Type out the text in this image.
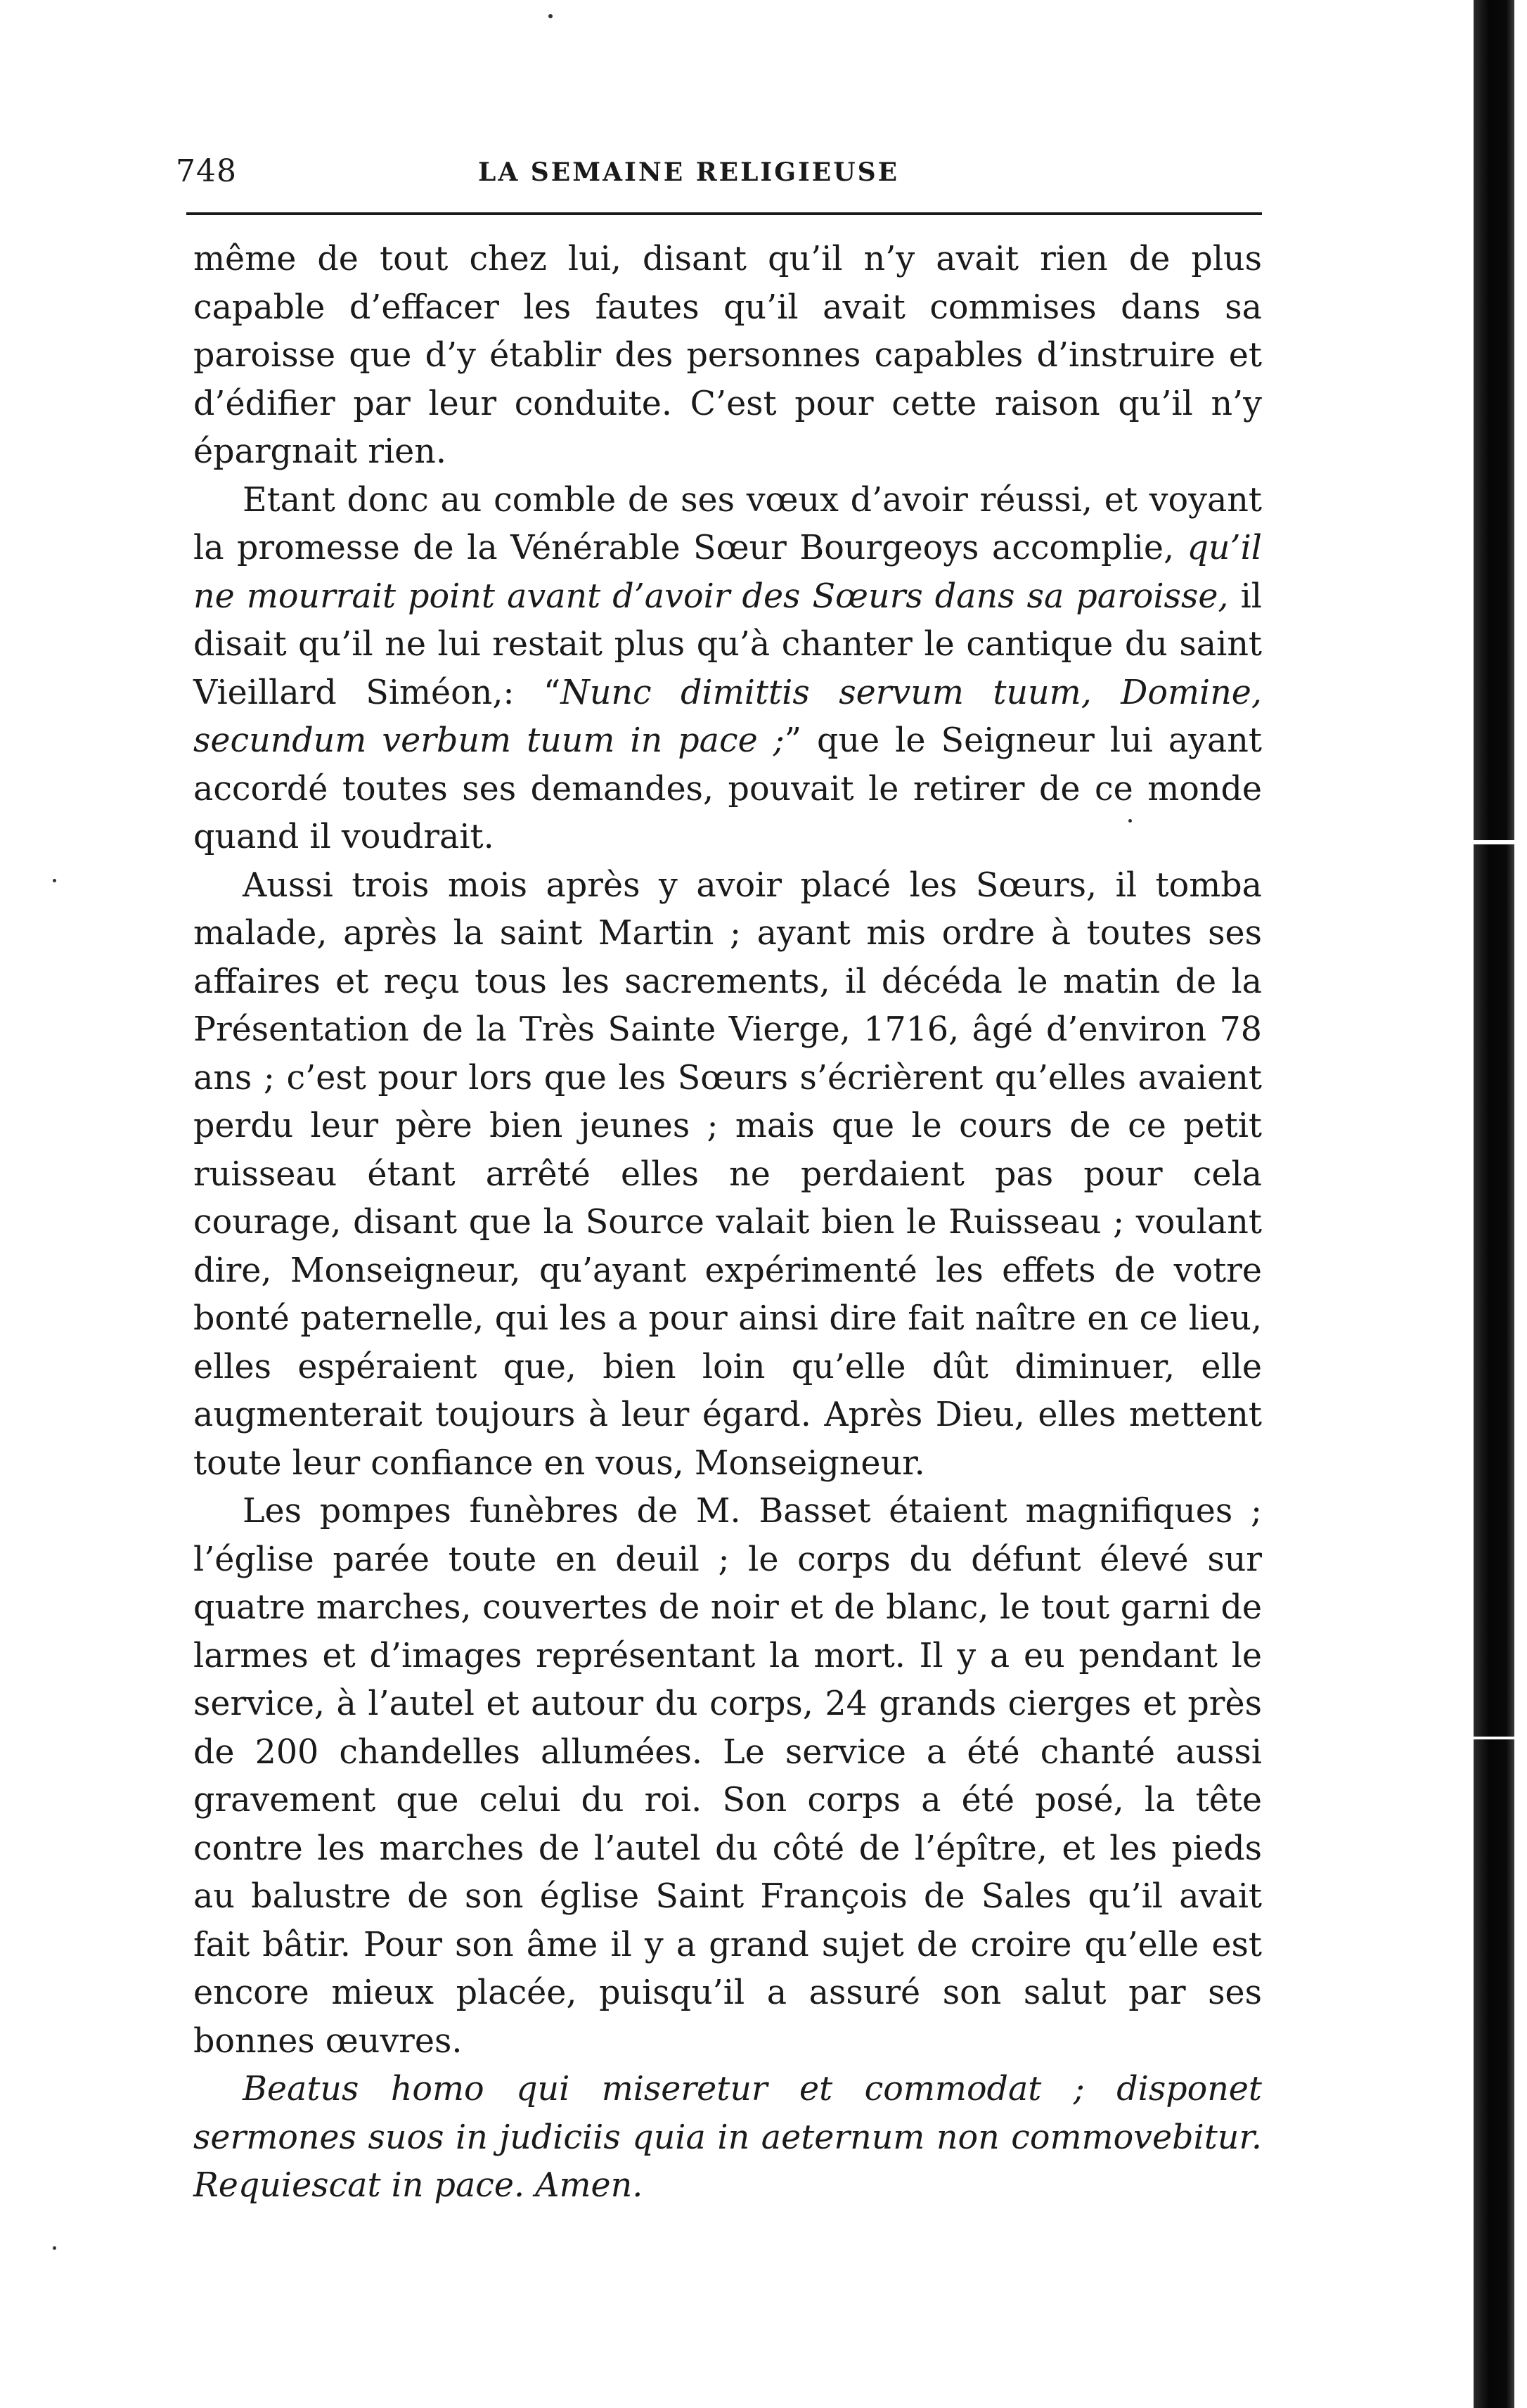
748	LA SEMAINE RELIGIEUSE

même de tout chez lui, disant qu’il n’y avait rien de plus capable d’effacer les fautes qu’il avait commises dans sa paroisse que d’y établir des personnes capables d’instruire et d’édifier par leur conduite. C’est pour cette raison qu’il n’y épargnait rien.

Etant donc au comble de ses vœux d’avoir réussi, et voyant la promesse de la Vénérable Sœur Bourgeoys accomplie, qu’il ne mourrait point avant d’avoir des Sœurs dans sa paroisse, il disait qu’il ne lui restait plus qu’à chanter le cantique du saint Vieillard Siméon,: “Nunc dimittis servum tuum, Domine, secundum verbum tuum in pace ;” que le Seigneur lui ayant accordé toutes ses demandes, pouvait le retirer de ce monde quand il voudrait.

Aussi trois mois après y avoir placé les Sœurs, il tomba malade, après la saint Martin ; ayant mis ordre à toutes ses affaires et reçu tous les sacrements, il décéda le matin de la Présentation de la Très Sainte Vierge, 1716, âgé d’environ 78 ans ; c’est pour lors que les Sœurs s’écrièrent qu’elles avaient perdu leur père bien jeunes ; mais que le cours de ce petit ruisseau étant arrêté elles ne perdaient pas pour cela courage, disant que la Source valait bien le Ruisseau ; voulant dire, Monseigneur, qu’ayant expérimenté les effets de votre bonté paternelle, qui les a pour ainsi dire fait naître en ce lieu, elles espéraient que, bien loin qu’elle dût diminuer, elle augmenterait toujours à leur égard. Après Dieu, elles mettent toute leur confiance en vous, Monseigneur.

Les pompes funèbres de M. Basset étaient magnifiques ; l’église parée toute en deuil ; le corps du défunt élevé sur quatre marches, couvertes de noir et de blanc, le tout garni de larmes et d’images représentant la mort. Il y a eu pendant le service, à l’autel et autour du corps, 24 grands cierges et près de 200 chandelles allumées. Le service a été chanté aussi gravement que celui du roi. Son corps a été posé, la tête contre les marches de l’autel du côté de l’épître, et les pieds au balustre de son église Saint François de Sales qu’il avait fait bâtir. Pour son âme il y a grand sujet de croire qu’elle est encore mieux placée, puisqu’il a assuré son salut par ses bonnes œuvres.

Beatus homo qui miseretur et commodat ; disponet sermones suos in judiciis quia in aeternum non commovebitur. Requiescat in pace. Amen.
